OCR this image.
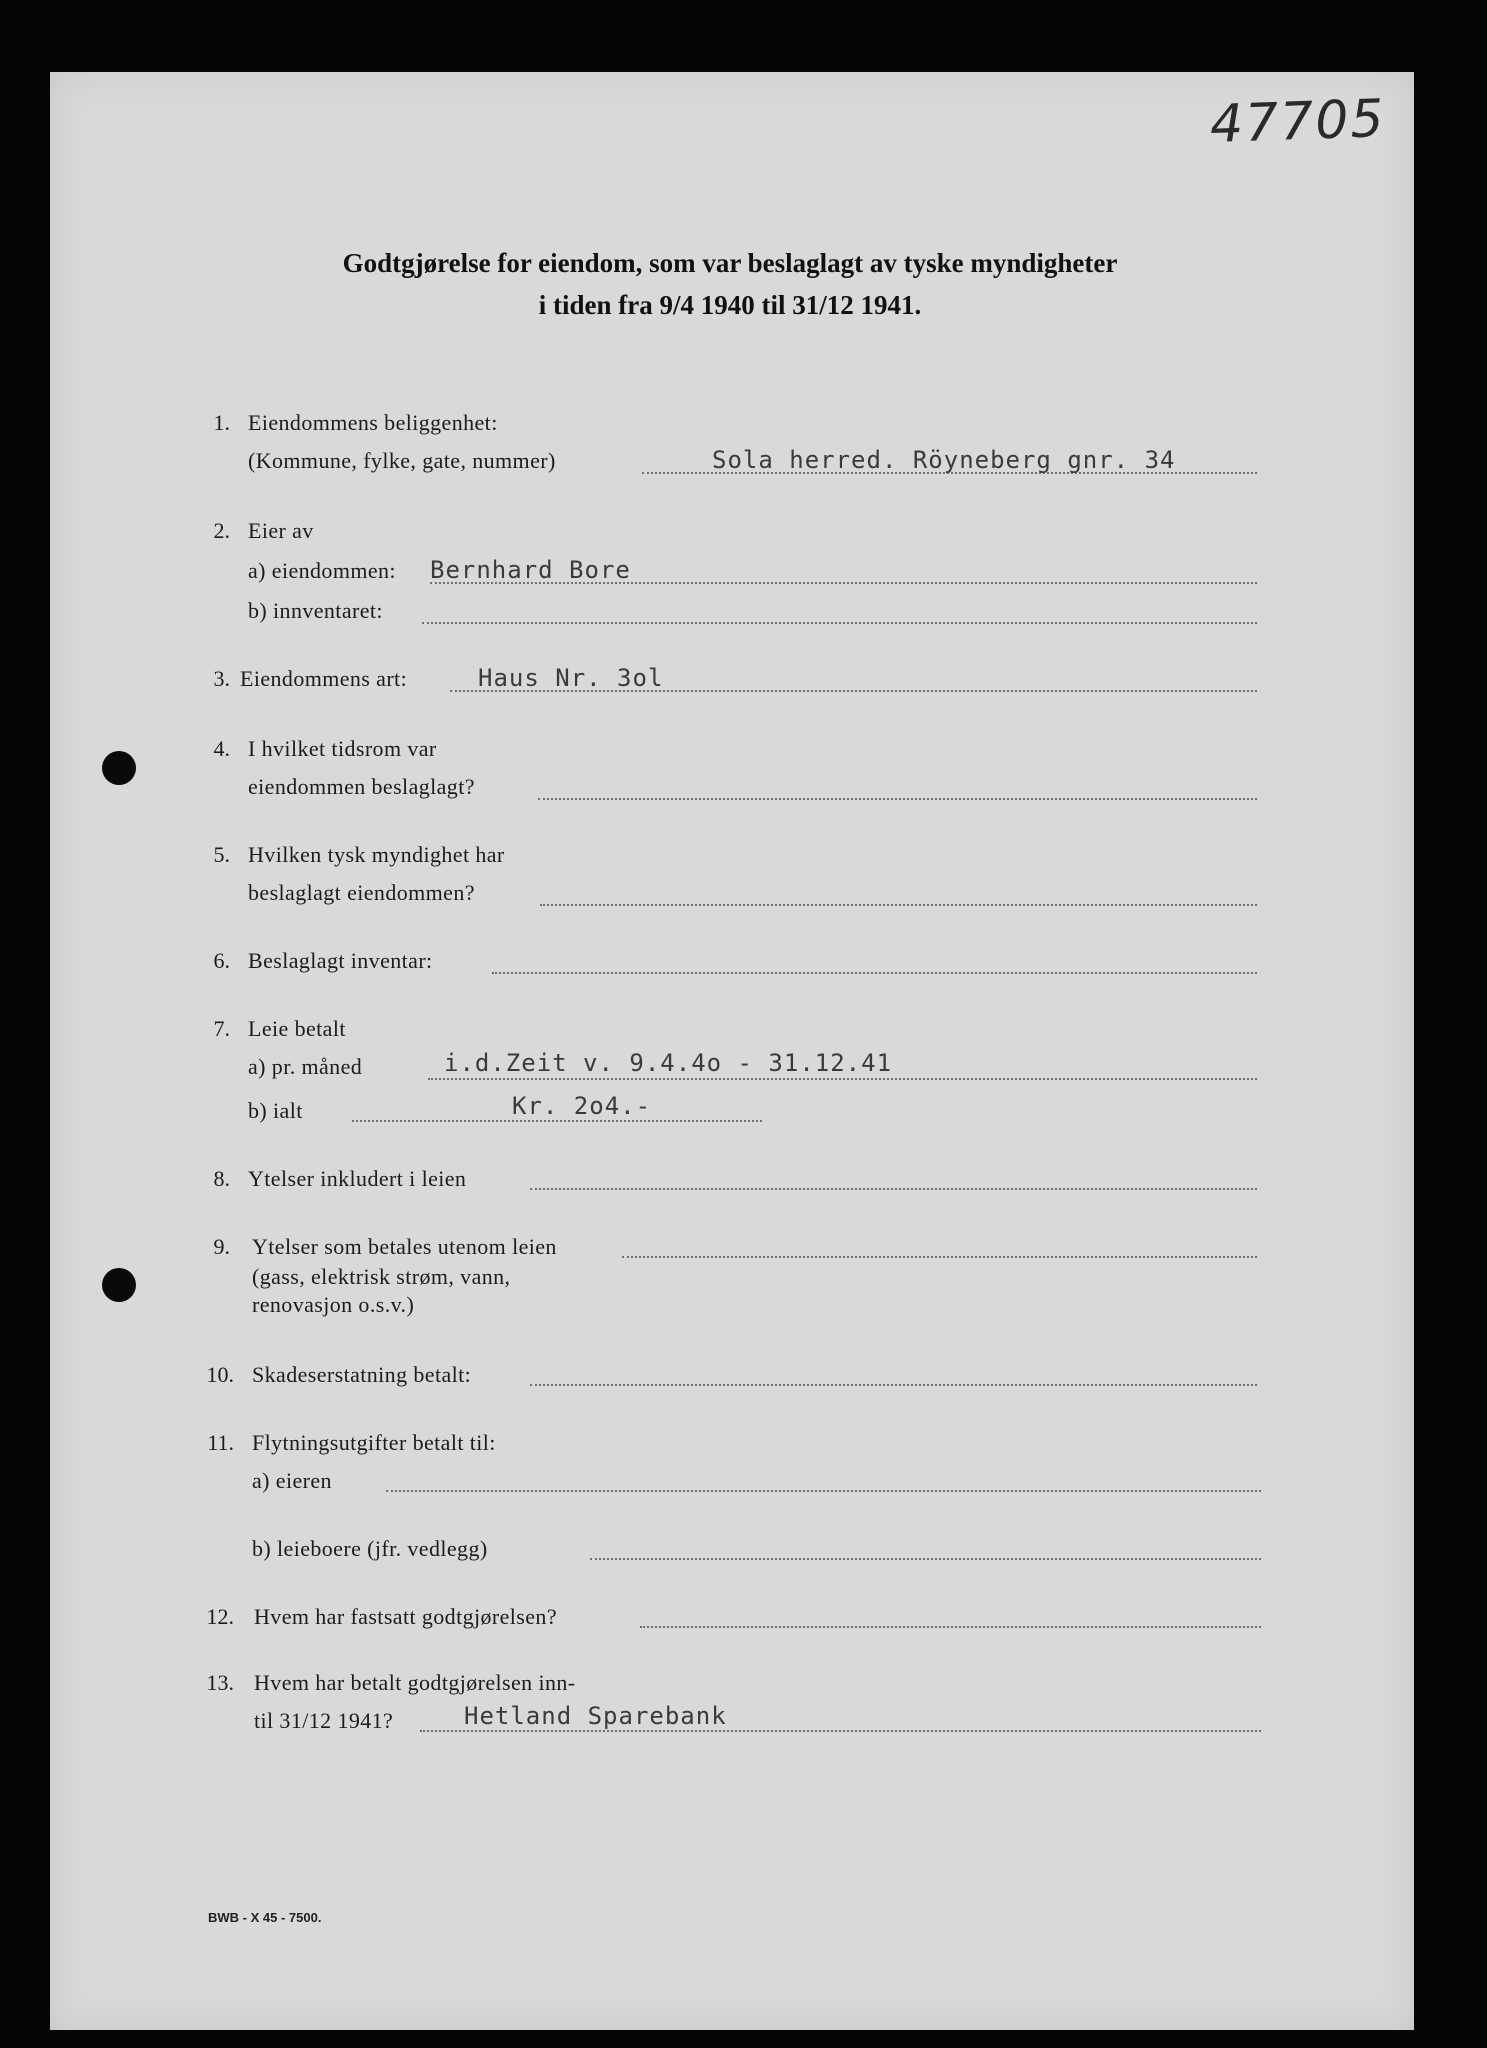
47705
Godtgjørelse for eiendom, som var beslaglagt av tyske myndigheter
i tiden fra 9/4 1940 til 31/12 1941.
1. Eiendommens beliggenhet:
(Kommune, fylke, gate, nummer)	Sola herred. Röyneberg gnr. 34
2. Eier av
a) eiendommen: Bernhard Bore
b) innventaret:
3. Eiendommens art:	Haus Nr. 3ol
4. I hvilket tidsrom var
eiendommen beslaglagt?
5. Hvilken tysk myndighet har
beslaglagt eiendommen?
6. Beslaglagt inventar:
7. Leie betalt
a) pr. måned	i.d.Zeit v. 9.4.4o - 31.12.41
b) ialt	Kr. 2o4.-
8. Ytelser inkludert i leien
9. Ytelser som betales utenom leien
(gass, elektrisk strøm, vann,
renovasjon o.s.v.)
10. Skadeserstatning betalt:
11. Flytningsutgifter betalt til:
a) eieren
b) leieboere (jfr. vedlegg)
12. Hvem har fastsatt godtgjørelsen?
13. Hvem har betalt godtgjørelsen inn-
til 31/12 1941?	Hetland Sparebank
BWB - X 45 - 7500.
